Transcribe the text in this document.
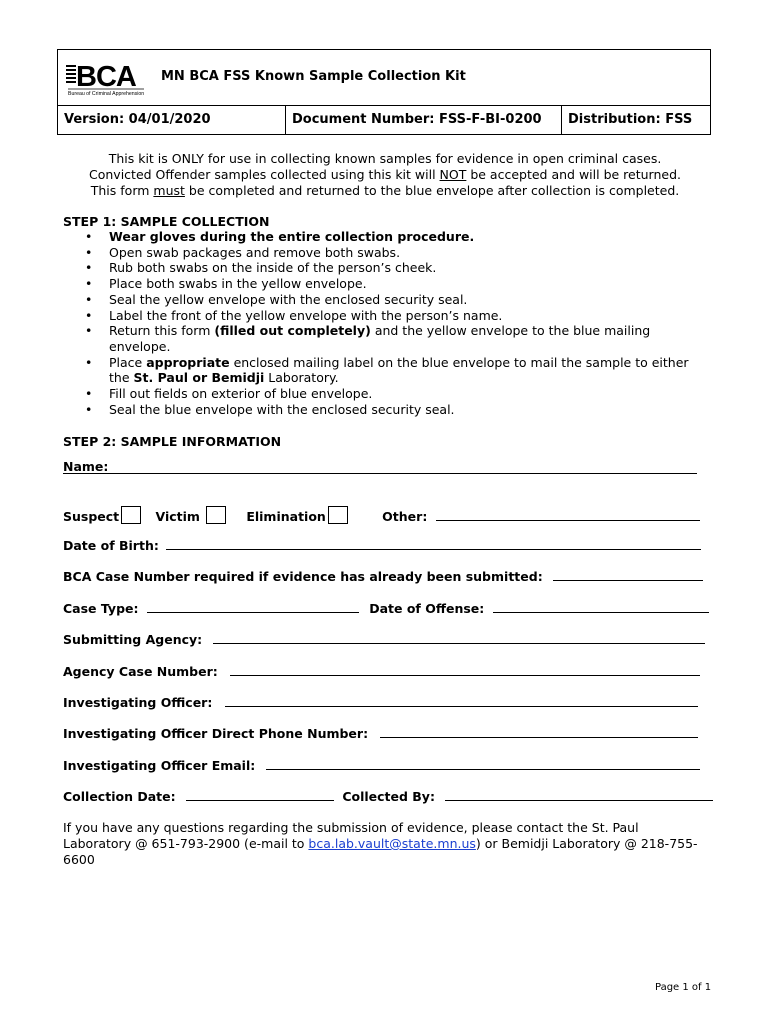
BCA
Bureau of Criminal Apprehension
MN BCA FSS Known Sample Collection Kit
Version: 04/01/2020	Document Number: FSS-F-BI-0200	Distribution: FSS
This kit is ONLY for use in collecting known samples for evidence in open criminal cases.
Convicted Offender samples collected using this kit will NOT be accepted and will be returned.
This form must be completed and returned to the blue envelope after collection is completed.
STEP 1: SAMPLE COLLECTION
• Wear gloves during the entire collection procedure.
• Open swab packages and remove both swabs.
• Rub both swabs on the inside of the person’s cheek.
• Place both swabs in the yellow envelope.
• Seal the yellow envelope with the enclosed security seal.
• Label the front of the yellow envelope with the person’s name.
• Return this form (filled out completely) and the yellow envelope to the blue mailing envelope.
• Place appropriate enclosed mailing label on the blue envelope to mail the sample to either the St. Paul or Bemidji Laboratory.
• Fill out fields on exterior of blue envelope.
• Seal the blue envelope with the enclosed security seal.
STEP 2: SAMPLE INFORMATION
Name:
Suspect	Victim	Elimination	Other:
Date of Birth:
BCA Case Number required if evidence has already been submitted:
Case Type:	Date of Offense:
Submitting Agency:
Agency Case Number:
Investigating Officer:
Investigating Officer Direct Phone Number:
Investigating Officer Email:
Collection Date:	Collected By:
If you have any questions regarding the submission of evidence, please contact the St. Paul Laboratory @ 651-793-2900 (e-mail to bca.lab.vault@state.mn.us) or Bemidji Laboratory @ 218-755-6600
Page 1 of 1
